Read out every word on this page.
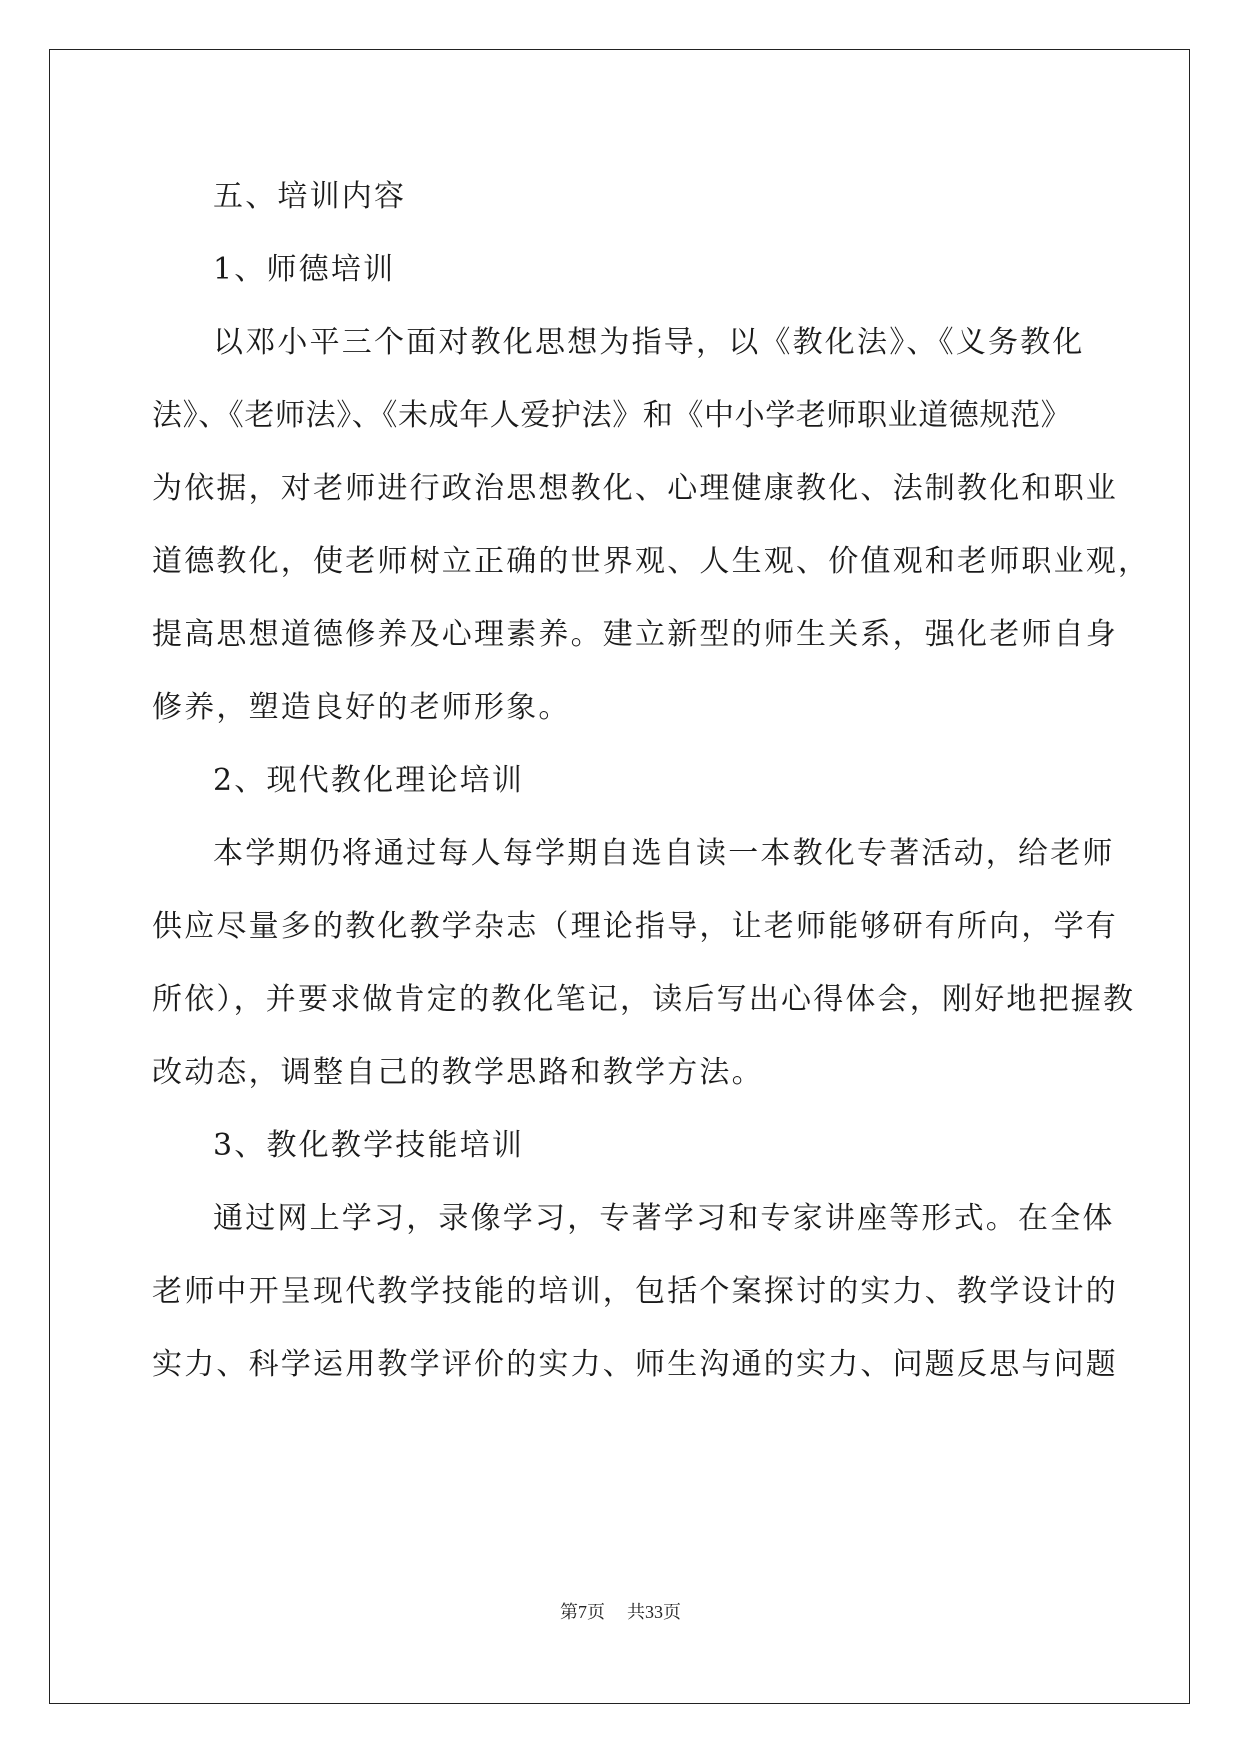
五、培训内容
1、师德培训
以邓小平三个面对教化思想为指导，以《教化法》、《义务教化
法》、《老师法》、《未成年人爱护法》和《中小学老师职业道德规范》
为依据，对老师进行政治思想教化、心理健康教化、法制教化和职业
道德教化，使老师树立正确的世界观、人生观、价值观和老师职业观，
提高思想道德修养及心理素养。建立新型的师生关系，强化老师自身
修养，塑造良好的老师形象。
2、现代教化理论培训
本学期仍将通过每人每学期自选自读一本教化专著活动，给老师
供应尽量多的教化教学杂志（理论指导，让老师能够研有所向，学有
所依），并要求做肯定的教化笔记，读后写出心得体会，刚好地把握教
改动态，调整自己的教学思路和教学方法。
3、教化教学技能培训
通过网上学习，录像学习，专著学习和专家讲座等形式。在全体
老师中开呈现代教学技能的培训，包括个案探讨的实力、教学设计的
实力、科学运用教学评价的实力、师生沟通的实力、问题反思与问题
第7页 共33页
